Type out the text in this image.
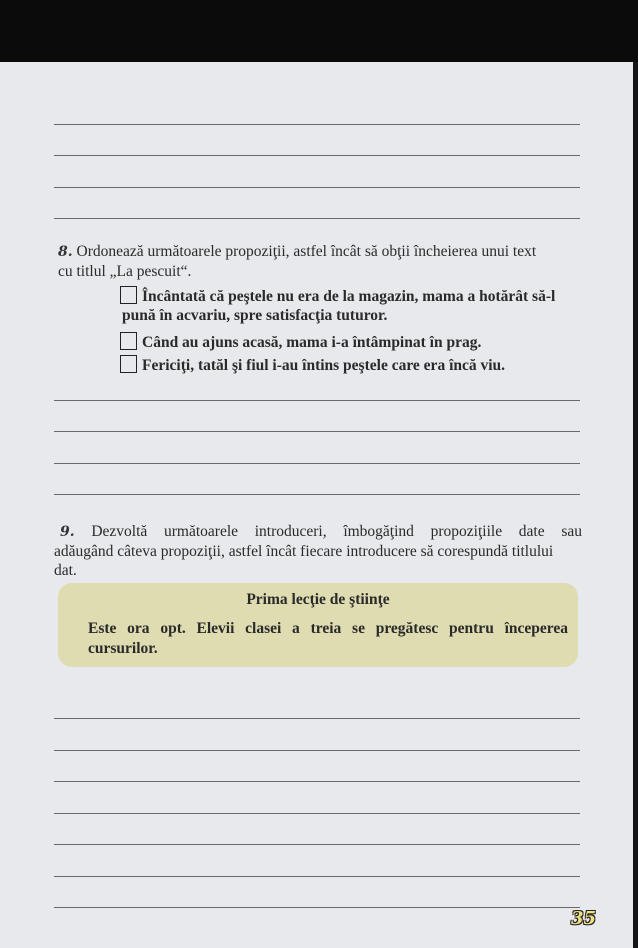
8. Ordonează următoarele propoziţii, astfel încât să obţii încheierea unui text
cu titlul „La pescuit“.
Încântată că peştele nu era de la magazin, mama a hotărât să-l
pună în acvariu, spre satisfacţia tuturor.
Când au ajuns acasă, mama i-a întâmpinat în prag.
Fericiţi, tatăl şi fiul i-au întins peştele care era încă viu.
9. Dezvoltă următoarele introduceri, îmbogăţind propoziţiile date sau
adăugând câteva propoziţii, astfel încât fiecare introducere să corespundă titlului
dat.
Prima lecţie de ştiinţe
Este ora opt. Elevii clasei a treia se pregătesc pentru începerea cursurilor.
35
